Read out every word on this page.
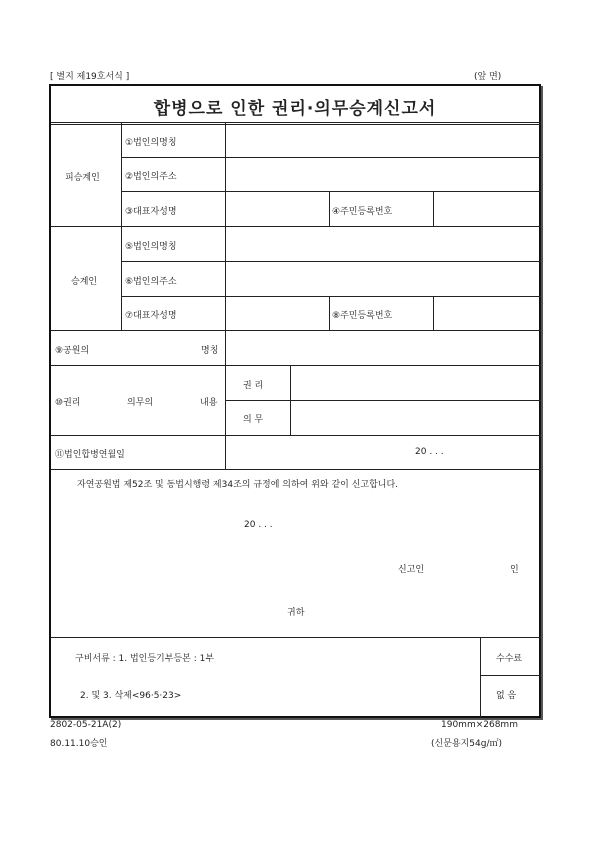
[ 별지 제19호서식 ]	(앞 면)
합병으로 인한 권리·의무승계신고서
피승계인
①법인의명칭
②법인의주소
③대표자성명	④주민등록번호
승계인
⑤법인의명칭
⑥법인의주소
⑦대표자성명	⑧주민등록번호
⑨공원의	명칭
⑩권리	의무의	내용
권 리
의 무
⑪법인합병연월일	20 . . .
자연공원법 제52조 및 동법시행령 제34조의 규정에 의하여 위와 같이 신고합니다.
20 . . .
신고인	인
귀하
구비서류 : 1. 법인등기부등본 : 1부
2. 및 3. 삭제<96·5·23>
수수료
없 음
2802-05-21A(2)
80.11.10승인
190mm×268mm
(신문용지54g/㎡)
